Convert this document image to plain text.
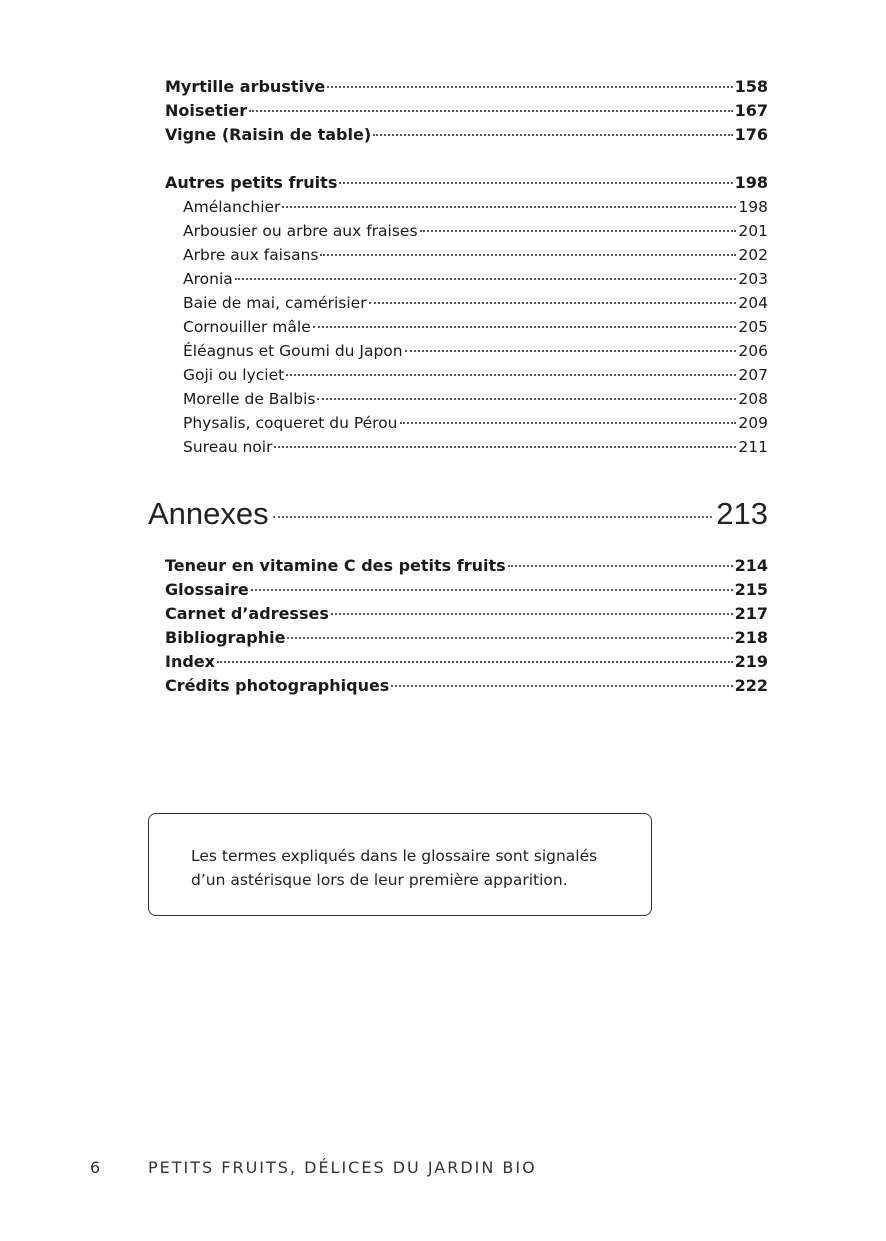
Myrtille arbustive	158
Noisetier	167
Vigne (Raisin de table)	176
Autres petits fruits	198
Amélanchier	198
Arbousier ou arbre aux fraises	201
Arbre aux faisans	202
Aronia	203
Baie de mai, camérisier	204
Cornouiller mâle	205
Éléagnus et Goumi du Japon	206
Goji ou lyciet	207
Morelle de Balbis	208
Physalis, coqueret du Pérou	209
Sureau noir	211
Annexes	213
Teneur en vitamine C des petits fruits	214
Glossaire	215
Carnet d’adresses	217
Bibliographie	218
Index	219
Crédits photographiques	222
Les termes expliqués dans le glossaire sont signalés
d’un astérisque lors de leur première apparition.
6	PETITS FRUITS, DÉLICES DU JARDIN BIO
